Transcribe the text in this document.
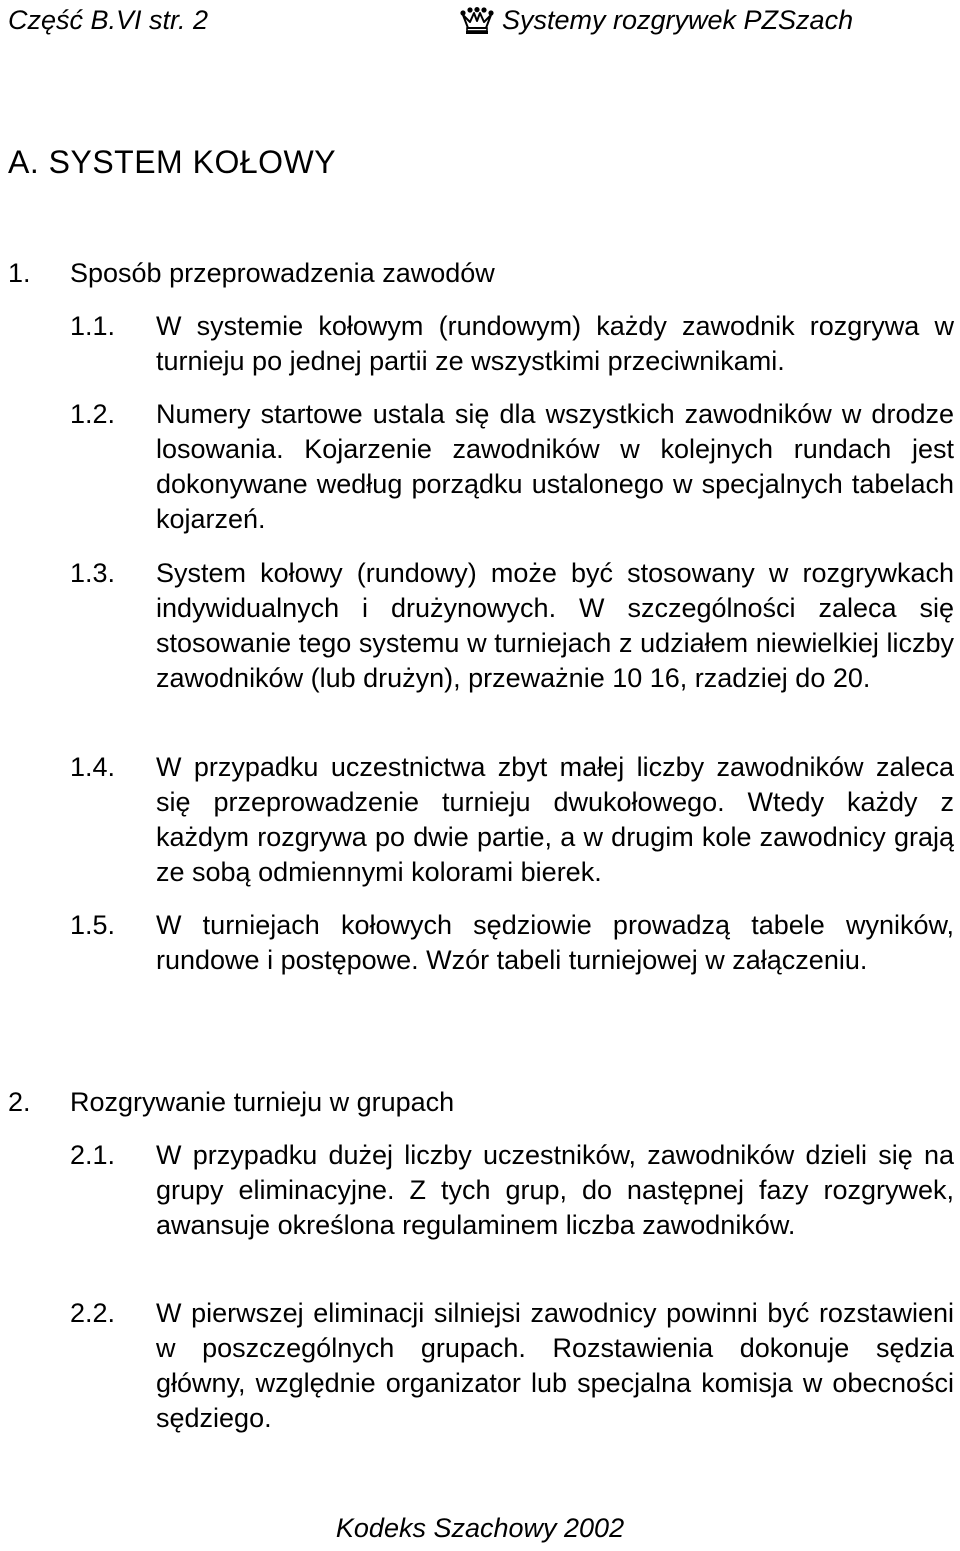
Część B.VI str. 2	Systemy rozgrywek PZSzach
A. SYSTEM KOŁOWY
1. Sposób przeprowadzenia zawodów
1.1. W systemie kołowym (rundowym) każdy zawodnik rozgrywa w turnieju po jednej partii ze wszystkimi przeciwnikami.
1.2. Numery startowe ustala się dla wszystkich zawodników w drodze losowania. Kojarzenie zawodników w kolejnych rundach jest dokonywane według porządku ustalonego w specjalnych tabelach kojarzeń.
1.3. System kołowy (rundowy) może być stosowany w rozgrywkach indywidualnych i drużynowych. W szczególności zaleca się stosowanie tego systemu w turniejach z udziałem niewielkiej liczby zawodników (lub drużyn), przeważnie 10 16, rzadziej do 20.
1.4. W przypadku uczestnictwa zbyt małej liczby zawodników zaleca się przeprowadzenie turnieju dwukołowego. Wtedy każdy z każdym rozgrywa po dwie partie, a w drugim kole zawodnicy grają ze sobą odmiennymi kolorami bierek.
1.5. W turniejach kołowych sędziowie prowadzą tabele wyników, rundowe i postępowe. Wzór tabeli turniejowej w załączeniu.
2. Rozgrywanie turnieju w grupach
2.1. W przypadku dużej liczby uczestników, zawodników dzieli się na grupy eliminacyjne. Z tych grup, do następnej fazy rozgrywek, awansuje określona regulaminem liczba zawodników.
2.2. W pierwszej eliminacji silniejsi zawodnicy powinni być rozstawieni w poszczególnych grupach. Rozstawienia dokonuje sędzia główny, względnie organizator lub specjalna komisja w obecności sędziego.
Kodeks Szachowy 2002
